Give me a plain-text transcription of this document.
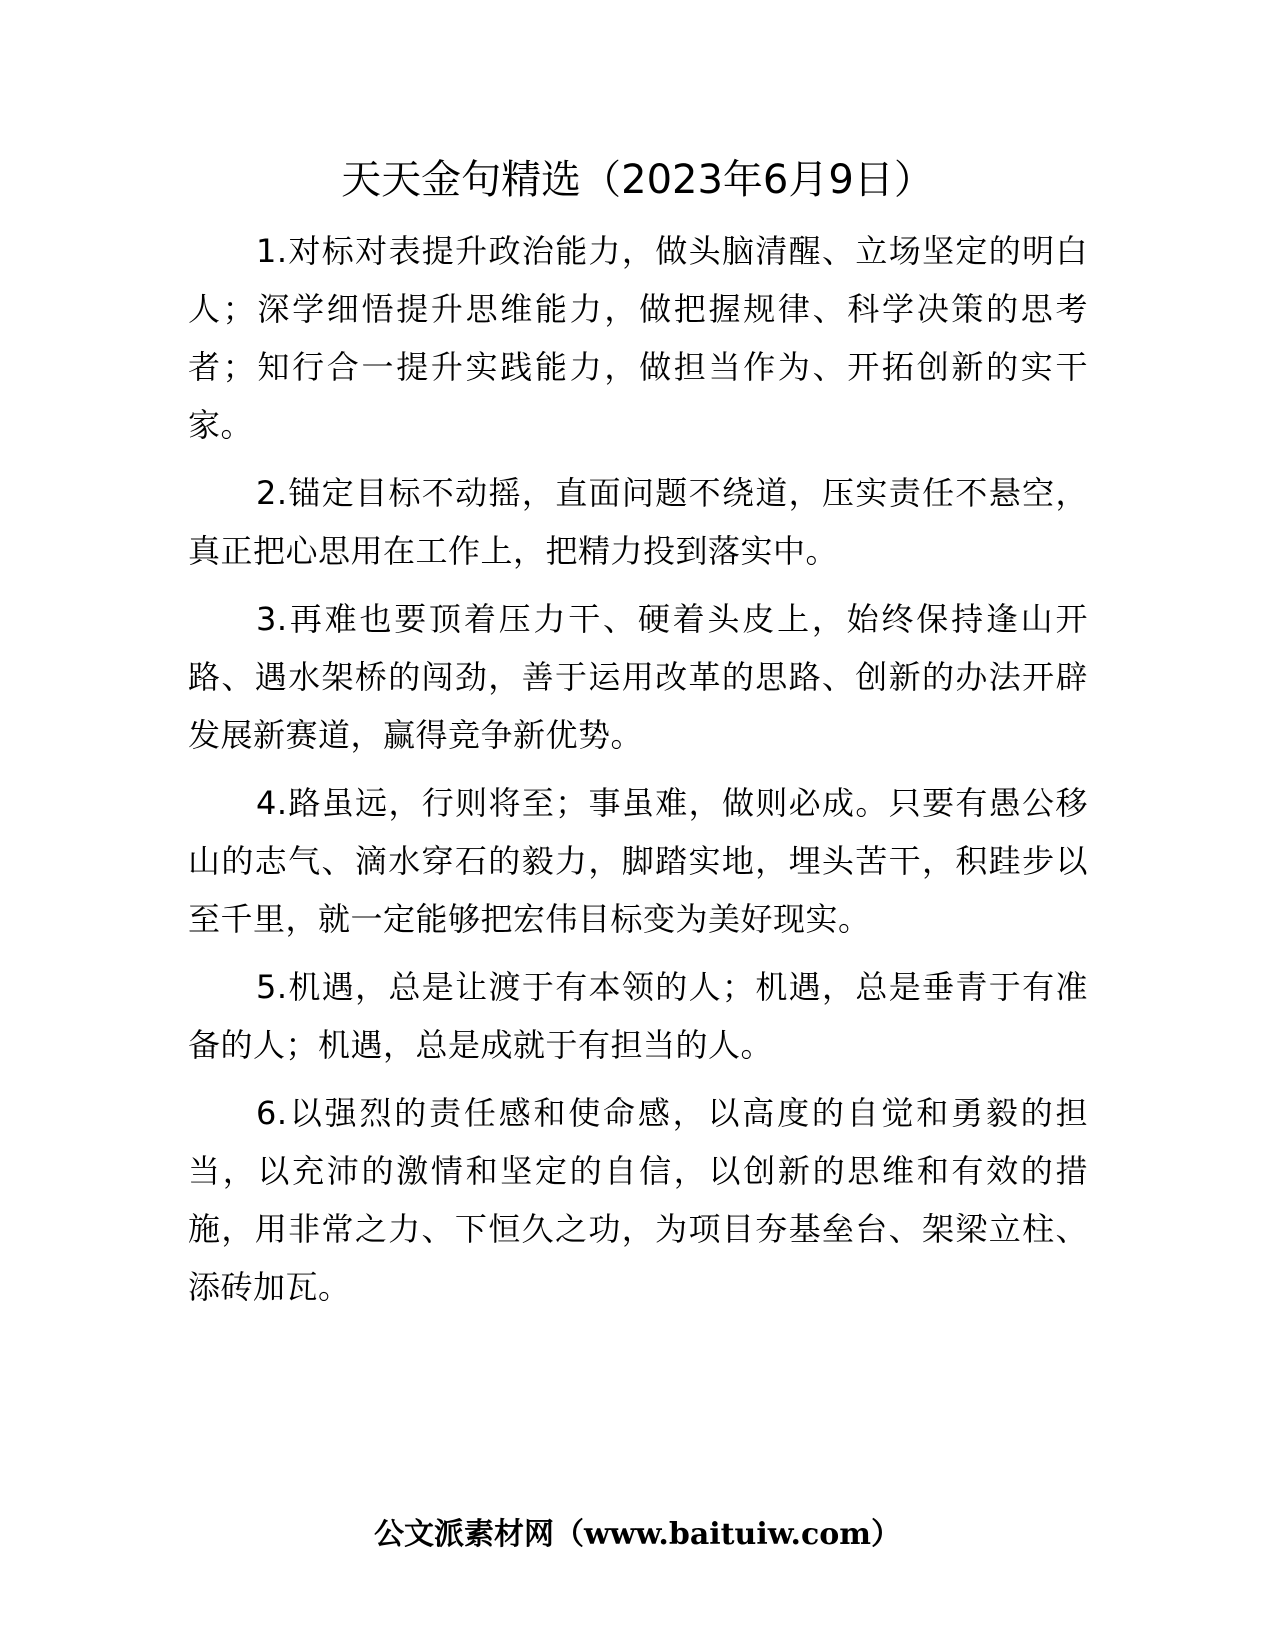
天天金句精选（2023年6月9日）

1.对标对表提升政治能力，做头脑清醒、立场坚定的明白人；深学细悟提升思维能力，做把握规律、科学决策的思考者；知行合一提升实践能力，做担当作为、开拓创新的实干家。

2.锚定目标不动摇，直面问题不绕道，压实责任不悬空，真正把心思用在工作上，把精力投到落实中。

3.再难也要顶着压力干、硬着头皮上，始终保持逢山开路、遇水架桥的闯劲，善于运用改革的思路、创新的办法开辟发展新赛道，赢得竞争新优势。

4.路虽远，行则将至；事虽难，做则必成。只要有愚公移山的志气、滴水穿石的毅力，脚踏实地，埋头苦干，积跬步以至千里，就一定能够把宏伟目标变为美好现实。

5.机遇，总是让渡于有本领的人；机遇，总是垂青于有准备的人；机遇，总是成就于有担当的人。

6.以强烈的责任感和使命感，以高度的自觉和勇毅的担当，以充沛的激情和坚定的自信，以创新的思维和有效的措施，用非常之力、下恒久之功，为项目夯基垒台、架梁立柱、添砖加瓦。

公文派素材网（www.baituiw.com）
